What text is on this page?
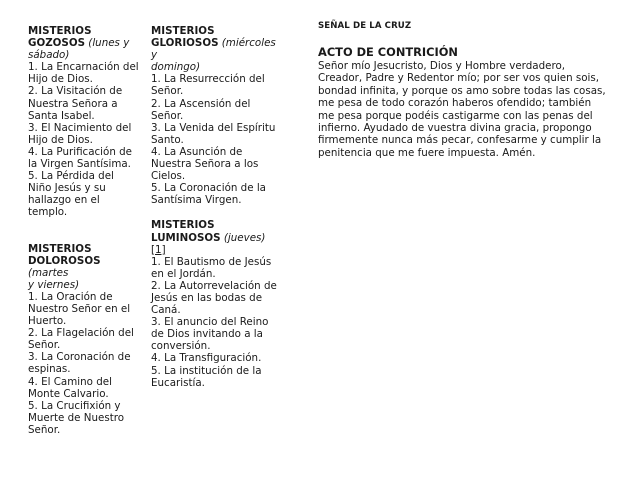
MISTERIOS
GOZOSOS (lunes y
sábado)
1. La Encarnación del Hijo de Dios.
2. La Visitación de Nuestra Señora a Santa Isabel.
3. El Nacimiento del Hijo de Dios.
4. La Purificación de la Virgen Santísima.
5. La Pérdida del Niño Jesús y su hallazgo en el templo.
MISTERIOS
DOLOROSOS (martes
y viernes)
1. La Oración de Nuestro Señor en el Huerto.
2. La Flagelación del Señor.
3. La Coronación de espinas.
4. El Camino del Monte Calvario.
5. La Crucifixión y Muerte de Nuestro Señor.
MISTERIOS
GLORIOSOS (miércoles y
domingo)
1. La Resurrección del Señor.
2. La Ascensión del Señor.
3. La Venida del Espíritu Santo.
4. La Asunción de Nuestra Señora a los Cielos.
5. La Coronación de la Santísima Virgen.
MISTERIOS
LUMINOSOS (jueves) [1]
1. El Bautismo de Jesús en el Jordán.
2. La Autorrevelación de Jesús en las bodas de Caná.
3. El anuncio del Reino de Dios invitando a la conversión.
4. La Transfiguración.
5. La institución de la Eucaristía.
SEÑAL DE LA CRUZ
ACTO DE CONTRICIÓN
Señor mío Jesucristo, Dios y Hombre verdadero, Creador, Padre y Redentor mío; por ser vos quien sois, bondad infinita, y porque os amo sobre todas las cosas, me pesa de todo corazón haberos ofendido; también me pesa porque podéis castigarme con las penas del infierno. Ayudado de vuestra divina gracia, propongo firmemente nunca más pecar, confesarme y cumplir la penitencia que me fuere impuesta. Amén.
